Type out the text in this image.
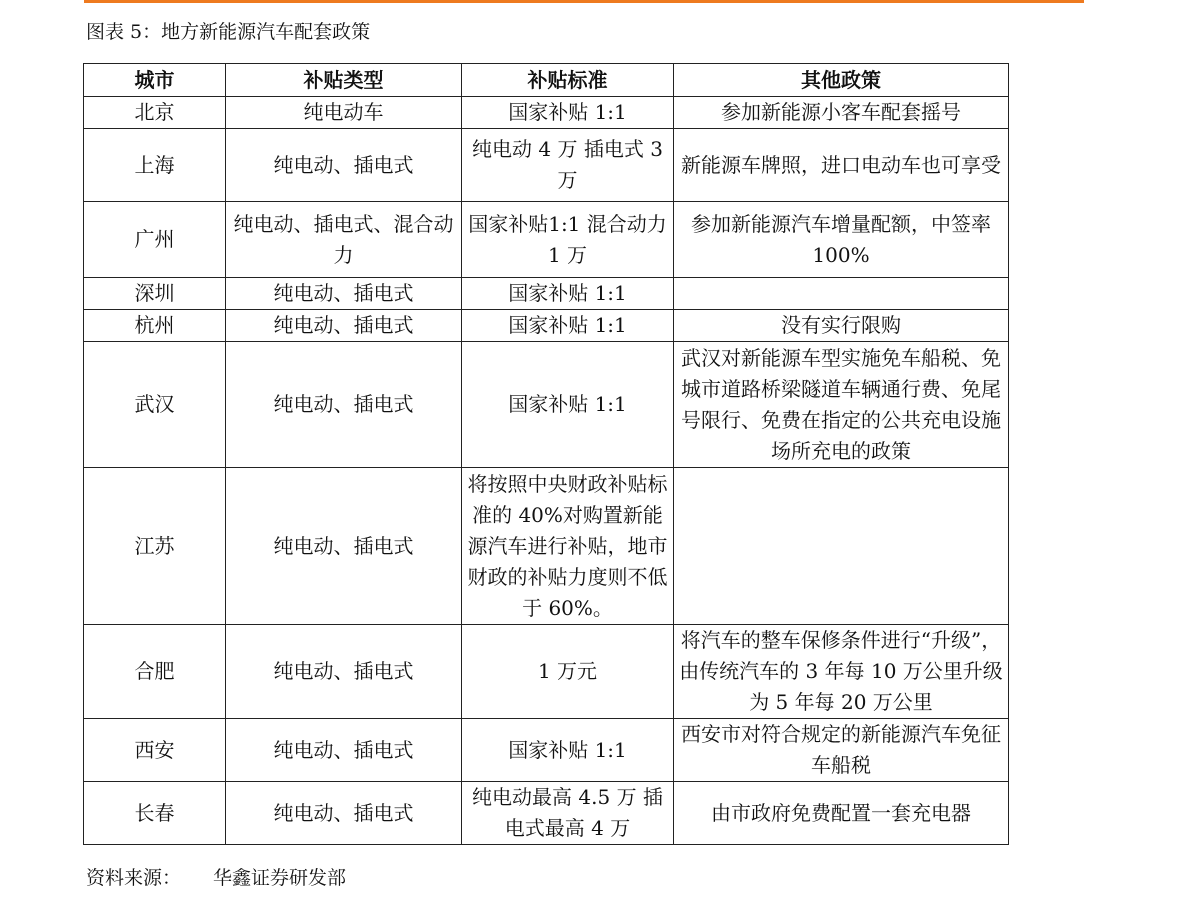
图表 5：地方新能源汽车配套政策
城市	补贴类型	补贴标准	其他政策
北京	纯电动车	国家补贴 1:1	参加新能源小客车配套摇号
上海	纯电动、插电式	纯电动 4 万 插电式 3 万	新能源车牌照，进口电动车也可享受
广州	纯电动、插电式、混合动力	国家补贴1:1 混合动力 1 万	参加新能源汽车增量配额，中签率 100%
深圳	纯电动、插电式	国家补贴 1:1	
杭州	纯电动、插电式	国家补贴 1:1	没有实行限购
武汉	纯电动、插电式	国家补贴 1:1	武汉对新能源车型实施免车船税、免城市道路桥梁隧道车辆通行费、免尾号限行、免费在指定的公共充电设施场所充电的政策
江苏	纯电动、插电式	将按照中央财政补贴标准的 40%对购置新能源汽车进行补贴，地市财政的补贴力度则不低于 60%。	
合肥	纯电动、插电式	1 万元	将汽车的整车保修条件进行“升级”，由传统汽车的 3 年每 10 万公里升级为 5 年每 20 万公里
西安	纯电动、插电式	国家补贴 1:1	西安市对符合规定的新能源汽车免征车船税
长春	纯电动、插电式	纯电动最高 4.5 万 插电式最高 4 万	由市政府免费配置一套充电器
资料来源： 华鑫证券研发部
